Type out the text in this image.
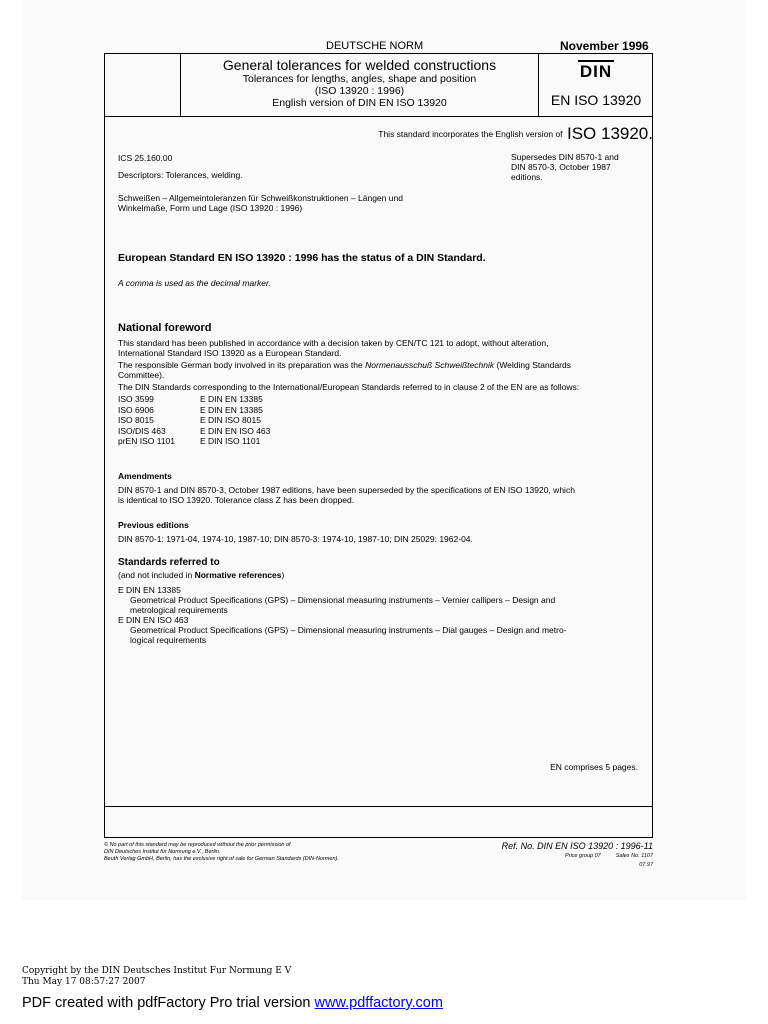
DEUTSCHE NORM	November 1996
General tolerances for welded constructions
Tolerances for lengths, angles, shape and position
(ISO 13920 : 1996)
English version of DIN EN ISO 13920
DIN
EN ISO 13920
This standard incorporates the English version of ISO 13920.
ICS 25.160.00	Supersedes DIN 8570-1 and
DIN 8570-3, October 1987
editions.
Descriptors: Tolerances, welding.
Schweißen – Allgemeintoleranzen für Schweißkonstruktionen – Längen und
Winkelmaße, Form und Lage (ISO 13920 : 1996)
European Standard EN ISO 13920 : 1996 has the status of a DIN Standard.
A comma is used as the decimal marker.
National foreword
This standard has been published in accordance with a decision taken by CEN/TC 121 to adopt, without alteration,
International Standard ISO 13920 as a European Standard.
The responsible German body involved in its preparation was the Normenausschuß Schweißtechnik (Welding Standards
Committee).
The DIN Standards corresponding to the International/European Standards referred to in clause 2 of the EN are as follows:
ISO 3599	E DIN EN 13385
ISO 6906	E DIN EN 13385
ISO 8015	E DIN ISO 8015
ISO/DIS 463	E DIN EN ISO 463
prEN ISO 1101	E DIN ISO 1101
Amendments
DIN 8570-1 and DIN 8570-3, October 1987 editions, have been superseded by the specifications of EN ISO 13920, which
is identical to ISO 13920. Tolerance class Z has been dropped.
Previous editions
DIN 8570-1: 1971-04, 1974-10, 1987-10; DIN 8570-3: 1974-10, 1987-10; DIN 25029: 1962-04.
Standards referred to
(and not included in Normative references)
E DIN EN 13385
Geometrical Product Specifications (GPS) – Dimensional measuring instruments – Vernier callipers – Design and
metrological requirements
E DIN EN ISO 463
Geometrical Product Specifications (GPS) – Dimensional measuring instruments – Dial gauges – Design and metro-
logical requirements
EN comprises 5 pages.
© No part of this standard may be reproduced without the prior permission of
DIN Deutsches Institut für Normung e.V., Berlin.
Beuth Verlag GmbH, Berlin, has the exclusive right of sale for German Standards (DIN-Normen).
Ref. No. DIN EN ISO 13920 : 1996-11
Price group 07	Sales No. 1107
07.97
Copyright by the DIN Deutsches Institut Fur Normung E V
Thu May 17 08:57:27 2007
PDF created with pdfFactory Pro trial version www.pdffactory.com
